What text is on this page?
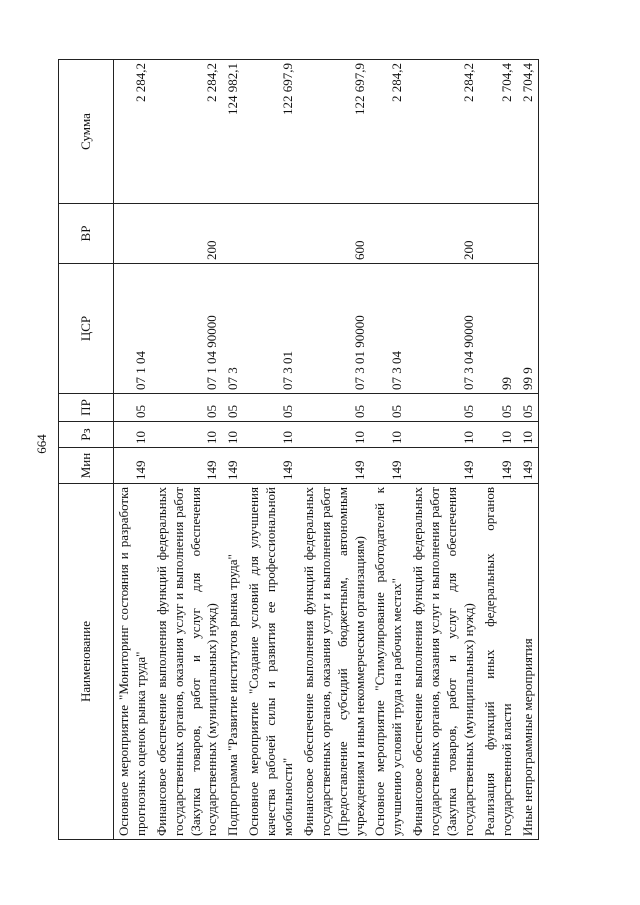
664
Наименование	Мин	Рз	ПР	ЦСР	ВР	Сумма
Основное мероприятие "Мониторинг состояния и разработка прогнозных оценок рынка труда"	149	10	05	07 1 04		2 284,2
Финансовое обеспечение выполнения функций федеральных государственных органов, оказания услуг и выполнения работ (Закупка товаров, работ и услуг для обеспечения государственных (муниципальных) нужд)	149	10	05	07 1 04 90000	200	2 284,2
Подпрограмма "Развитие институтов рынка труда"	149	10	05	07 3		124 982,1
Основное мероприятие "Создание условий для улучшения качества рабочей силы и развития ее профессиональной мобильности"	149	10	05	07 3 01		122 697,9
Финансовое обеспечение выполнения функций федеральных государственных органов, оказания услуг и выполнения работ (Предоставление субсидий бюджетным, автономным учреждениям и иным некоммерческим организациям)	149	10	05	07 3 01 90000	600	122 697,9
Основное мероприятие "Стимулирование работодателей к улучшению условий труда на рабочих местах"	149	10	05	07 3 04		2 284,2
Финансовое обеспечение выполнения функций федеральных государственных органов, оказания услуг и выполнения работ (Закупка товаров, работ и услуг для обеспечения государственных (муниципальных) нужд)	149	10	05	07 3 04 90000	200	2 284,2
Реализация функций иных федеральных органов государственной власти	149	10	05	99		2 704,4
Иные непрограммные мероприятия	149	10	05	99 9		2 704,4
